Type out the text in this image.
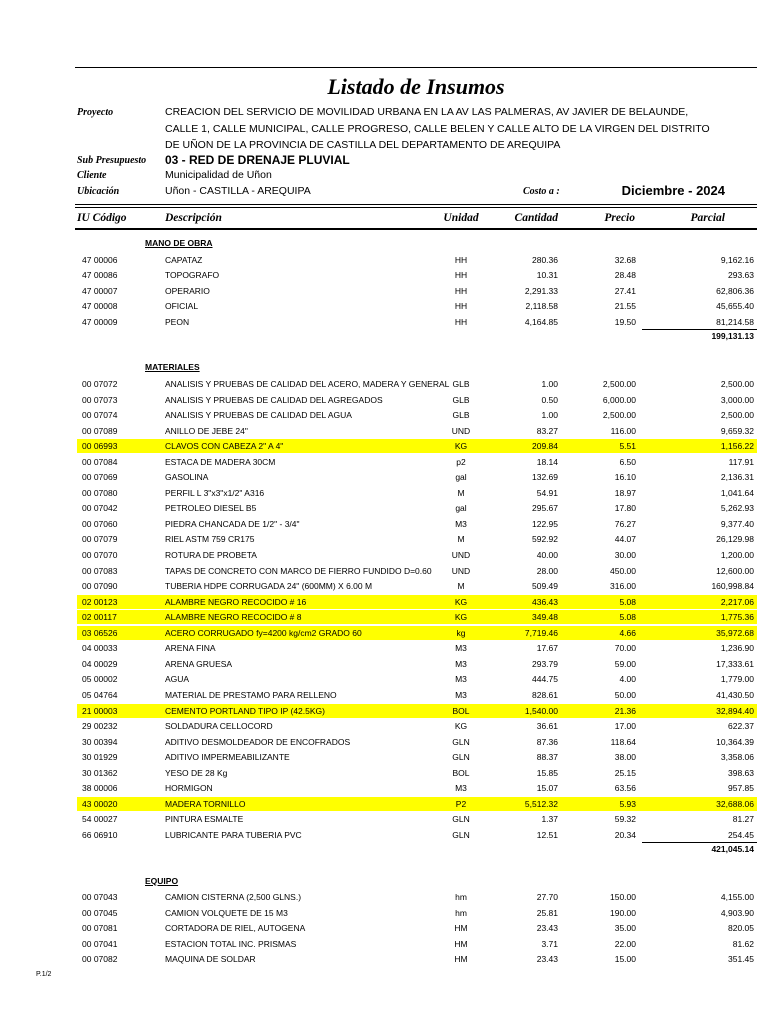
Listado de Insumos
Proyecto	CREACION DEL SERVICIO DE MOVILIDAD URBANA EN LA AV LAS PALMERAS, AV JAVIER DE BELAUNDE,
CALLE 1, CALLE MUNICIPAL, CALLE PROGRESO, CALLE BELEN Y CALLE ALTO DE LA VIRGEN DEL DISTRITO
DE UÑON DE LA PROVINCIA DE CASTILLA DEL DEPARTAMENTO DE AREQUIPA
Sub Presupuesto 03 - RED DE DRENAJE PLUVIAL
Cliente	Municipalidad de Uñon
Ubicación	Uñon - CASTILLA - AREQUIPA	Costo a :	Diciembre - 2024
IU Código	Descripción	Unidad	Cantidad	Precio	Parcial
MANO DE OBRA
47 00006	CAPATAZ	HH	280.36	32.68	9,162.16
47 00086	TOPOGRAFO	HH	10.31	28.48	293.63
47 00007	OPERARIO	HH	2,291.33	27.41	62,806.36
47 00008	OFICIAL	HH	2,118.58	21.55	45,655.40
47 00009	PEON	HH	4,164.85	19.50	81,214.58
199,131.13
MATERIALES
00 07072	ANALISIS Y PRUEBAS DE CALIDAD DEL ACERO, MADERA Y GENERAL GLB	1.00	2,500.00	2,500.00
00 07073	ANALISIS Y PRUEBAS DE CALIDAD DEL AGREGADOS	GLB	0.50	6,000.00	3,000.00
00 07074	ANALISIS Y PRUEBAS DE CALIDAD DEL AGUA	GLB	1.00	2,500.00	2,500.00
00 07089	ANILLO DE JEBE 24"	UND	83.27	116.00	9,659.32
00 06993	CLAVOS CON CABEZA 2" A 4"	KG	209.84	5.51	1,156.22
00 07084	ESTACA DE MADERA 30CM	p2	18.14	6.50	117.91
00 07069	GASOLINA	gal	132.69	16.10	2,136.31
00 07080	PERFIL L 3"x3"x1/2" A316	M	54.91	18.97	1,041.64
00 07042	PETROLEO DIESEL B5	gal	295.67	17.80	5,262.93
00 07060	PIEDRA CHANCADA DE 1/2" - 3/4"	M3	122.95	76.27	9,377.40
00 07079	RIEL ASTM 759 CR175	M	592.92	44.07	26,129.98
00 07070	ROTURA DE PROBETA	UND	40.00	30.00	1,200.00
00 07083	TAPAS DE CONCRETO CON MARCO DE FIERRO FUNDIDO D=0.60	UND	28.00	450.00	12,600.00
00 07090	TUBERIA HDPE CORRUGADA 24" (600MM) X 6.00 M	M	509.49	316.00	160,998.84
02 00123	ALAMBRE NEGRO RECOCIDO # 16	KG	436.43	5.08	2,217.06
02 00117	ALAMBRE NEGRO RECOCIDO # 8	KG	349.48	5.08	1,775.36
03 06526	ACERO CORRUGADO fy=4200 kg/cm2 GRADO 60	kg	7,719.46	4.66	35,972.68
04 00033	ARENA FINA	M3	17.67	70.00	1,236.90
04 00029	ARENA GRUESA	M3	293.79	59.00	17,333.61
05 00002	AGUA	M3	444.75	4.00	1,779.00
05 04764	MATERIAL DE PRESTAMO PARA RELLENO	M3	828.61	50.00	41,430.50
21 00003	CEMENTO PORTLAND TIPO IP (42.5KG)	BOL	1,540.00	21.36	32,894.40
29 00232	SOLDADURA CELLOCORD	KG	36.61	17.00	622.37
30 00394	ADITIVO DESMOLDEADOR DE ENCOFRADOS	GLN	87.36	118.64	10,364.39
30 01929	ADITIVO IMPERMEABILIZANTE	GLN	88.37	38.00	3,358.06
30 01362	YESO DE 28 Kg	BOL	15.85	25.15	398.63
38 00006	HORMIGON	M3	15.07	63.56	957.85
43 00020	MADERA TORNILLO	P2	5,512.32	5.93	32,688.06
54 00027	PINTURA ESMALTE	GLN	1.37	59.32	81.27
66 06910	LUBRICANTE PARA TUBERIA PVC	GLN	12.51	20.34	254.45
421,045.14
EQUIPO
00 07043	CAMION CISTERNA (2,500 GLNS.)	hm	27.70	150.00	4,155.00
00 07045	CAMION VOLQUETE DE 15 M3	hm	25.81	190.00	4,903.90
00 07081	CORTADORA DE RIEL, AUTOGENA	HM	23.43	35.00	820.05
00 07041	ESTACION TOTAL INC. PRISMAS	HM	3.71	22.00	81.62
00 07082	MAQUINA DE SOLDAR	HM	23.43	15.00	351.45
P.1/2
